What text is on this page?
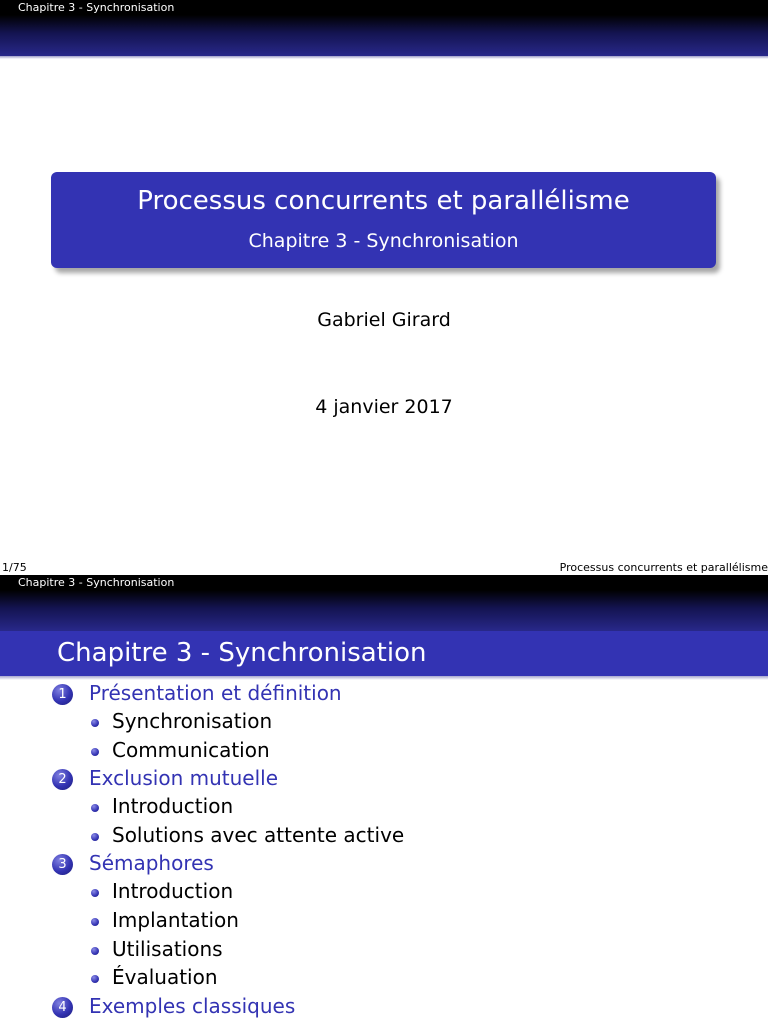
Chapitre 3 - Synchronisation
Processus concurrents et parallélisme
Chapitre 3 - Synchronisation
Gabriel Girard
4 janvier 2017
1/75	Processus concurrents et parallélisme
Chapitre 3 - Synchronisation
Chapitre 3 - Synchronisation
1	Présentation et définition
Synchronisation
Communication
2	Exclusion mutuelle
Introduction
Solutions avec attente active
3	Sémaphores
Introduction
Implantation
Utilisations
Évaluation
4	Exemples classiques
